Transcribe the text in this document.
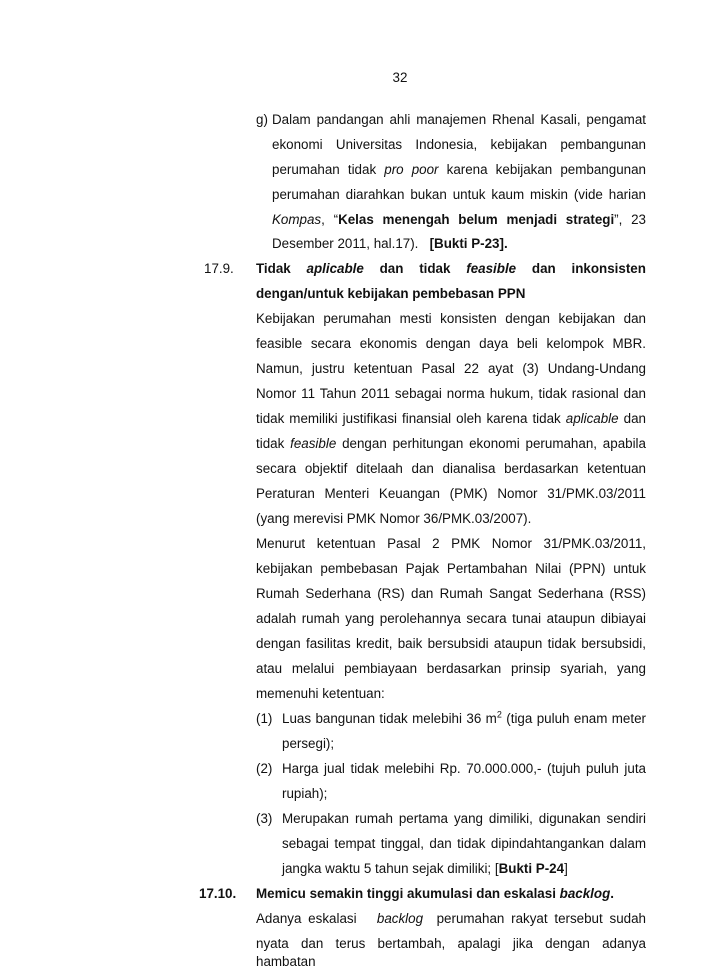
32
g) Dalam pandangan ahli manajemen Rhenal Kasali, pengamat
ekonomi Universitas Indonesia, kebijakan pembangunan
perumahan tidak pro poor karena kebijakan pembangunan
perumahan diarahkan bukan untuk kaum miskin (vide harian
Kompas, “Kelas menengah belum menjadi strategi”, 23
Desember 2011, hal.17). [Bukti P-23].
17.9. Tidak aplicable dan tidak feasible dan inkonsisten
dengan/untuk kebijakan pembebasan PPN
Kebijakan perumahan mesti konsisten dengan kebijakan dan
feasible secara ekonomis dengan daya beli kelompok MBR.
Namun, justru ketentuan Pasal 22 ayat (3) Undang-Undang
Nomor 11 Tahun 2011 sebagai norma hukum, tidak rasional dan
tidak memiliki justifikasi finansial oleh karena tidak aplicable dan
tidak feasible dengan perhitungan ekonomi perumahan, apabila
secara objektif ditelaah dan dianalisa berdasarkan ketentuan
Peraturan Menteri Keuangan (PMK) Nomor 31/PMK.03/2011
(yang merevisi PMK Nomor 36/PMK.03/2007).
Menurut ketentuan Pasal 2 PMK Nomor 31/PMK.03/2011,
kebijakan pembebasan Pajak Pertambahan Nilai (PPN) untuk
Rumah Sederhana (RS) dan Rumah Sangat Sederhana (RSS)
adalah rumah yang perolehannya secara tunai ataupun dibiayai
dengan fasilitas kredit, baik bersubsidi ataupun tidak bersubsidi,
atau melalui pembiayaan berdasarkan prinsip syariah, yang
memenuhi ketentuan:
(1) Luas bangunan tidak melebihi 36 $m^2$ (tiga puluh enam meter
persegi);
(2) Harga jual tidak melebihi Rp. 70.000.000,- (tujuh puluh juta
rupiah);
(3) Merupakan rumah pertama yang dimiliki, digunakan sendiri
sebagai tempat tinggal, dan tidak dipindahtangankan dalam
jangka waktu 5 tahun sejak dimiliki; [Bukti P-24]
17.10. Memicu semakin tinggi akumulasi dan eskalasi backlog.
Adanya eskalasi backlog perumahan rakyat tersebut sudah
nyata dan terus bertambah, apalagi jika dengan adanya hambatan
